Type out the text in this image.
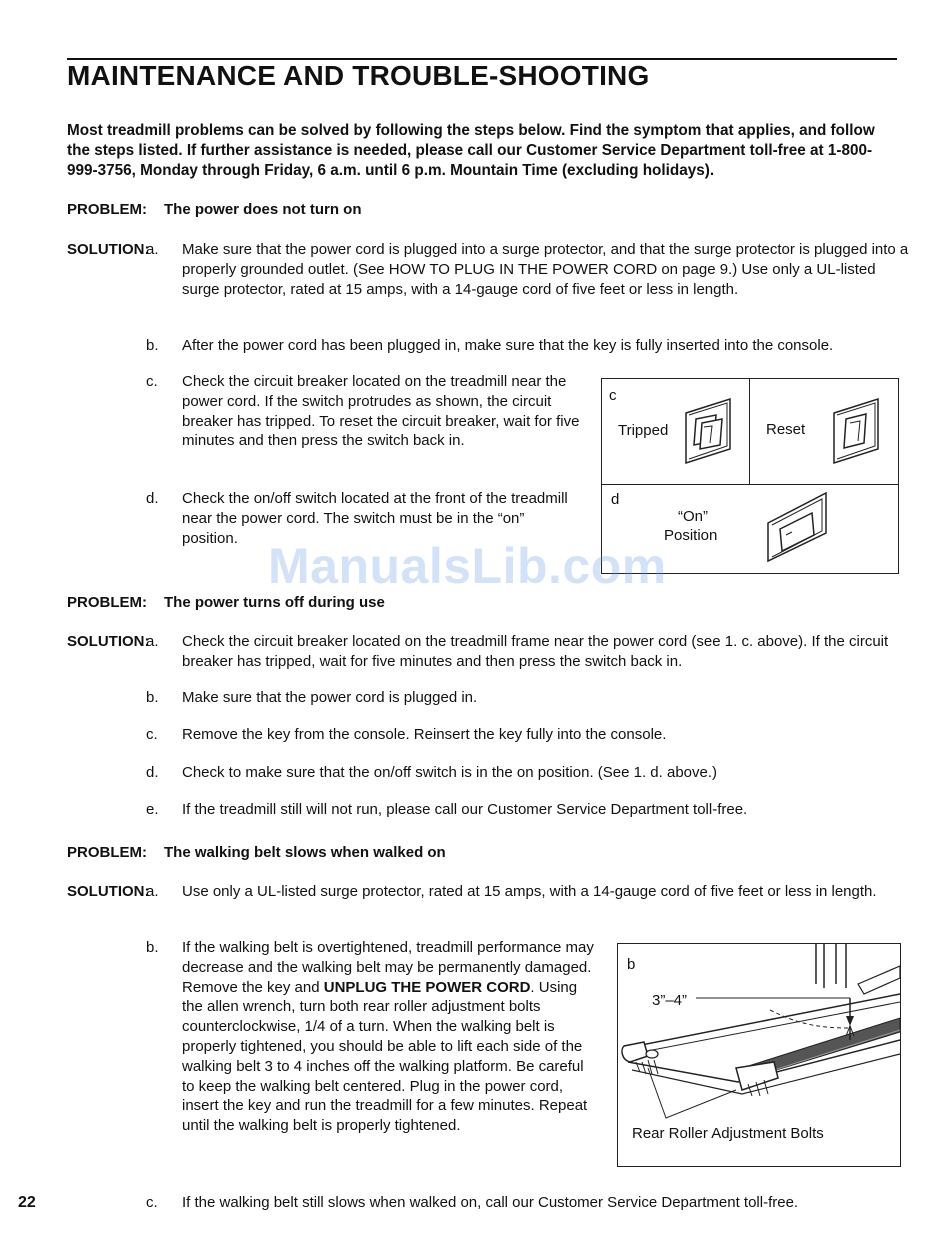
MAINTENANCE AND TROUBLE-SHOOTING
Most treadmill problems can be solved by following the steps below. Find the symptom that applies, and follow the steps listed. If further assistance is needed, please call our Customer Service Department toll-free at 1-800-999-3756, Monday through Friday, 6 a.m. until 6 p.m. Mountain Time (excluding holidays).
PROBLEM: The power does not turn on
SOLUTION:
a. Make sure that the power cord is plugged into a surge protector, and that the surge protector is plugged into a properly grounded outlet. (See HOW TO PLUG IN THE POWER CORD on page 9.) Use only a UL-listed surge protector, rated at 15 amps, with a 14-gauge cord of five feet or less in length.
b. After the power cord has been plugged in, make sure that the key is fully inserted into the console.
c. Check the circuit breaker located on the treadmill near the power cord. If the switch protrudes as shown, the circuit breaker has tripped. To reset the circuit breaker, wait for five minutes and then press the switch back in.
d. Check the on/off switch located at the front of the treadmill near the power cord. The switch must be in the “on” position.
c
Tripped	Reset
d
“On”
Position
ManualsLib.com
PROBLEM: The power turns off during use
SOLUTION:
a. Check the circuit breaker located on the treadmill frame near the power cord (see 1. c. above). If the circuit breaker has tripped, wait for five minutes and then press the switch back in.
b. Make sure that the power cord is plugged in.
c. Remove the key from the console. Reinsert the key fully into the console.
d. Check to make sure that the on/off switch is in the on position. (See 1. d. above.)
e. If the treadmill still will not run, please call our Customer Service Department toll-free.
PROBLEM: The walking belt slows when walked on
SOLUTION:
a. Use only a UL-listed surge protector, rated at 15 amps, with a 14-gauge cord of five feet or less in length.
b. If the walking belt is overtightened, treadmill performance may decrease and the walking belt may be permanently damaged. Remove the key and UNPLUG THE POWER CORD. Using the allen wrench, turn both rear roller adjustment bolts counterclockwise, 1/4 of a turn. When the walking belt is properly tightened, you should be able to lift each side of the walking belt 3 to 4 inches off the walking platform. Be careful to keep the walking belt centered. Plug in the power cord, insert the key and run the treadmill for a few minutes. Repeat until the walking belt is properly tightened.
b
3”–4”
Rear Roller Adjustment Bolts
c. If the walking belt still slows when walked on, call our Customer Service Department toll-free.
22
